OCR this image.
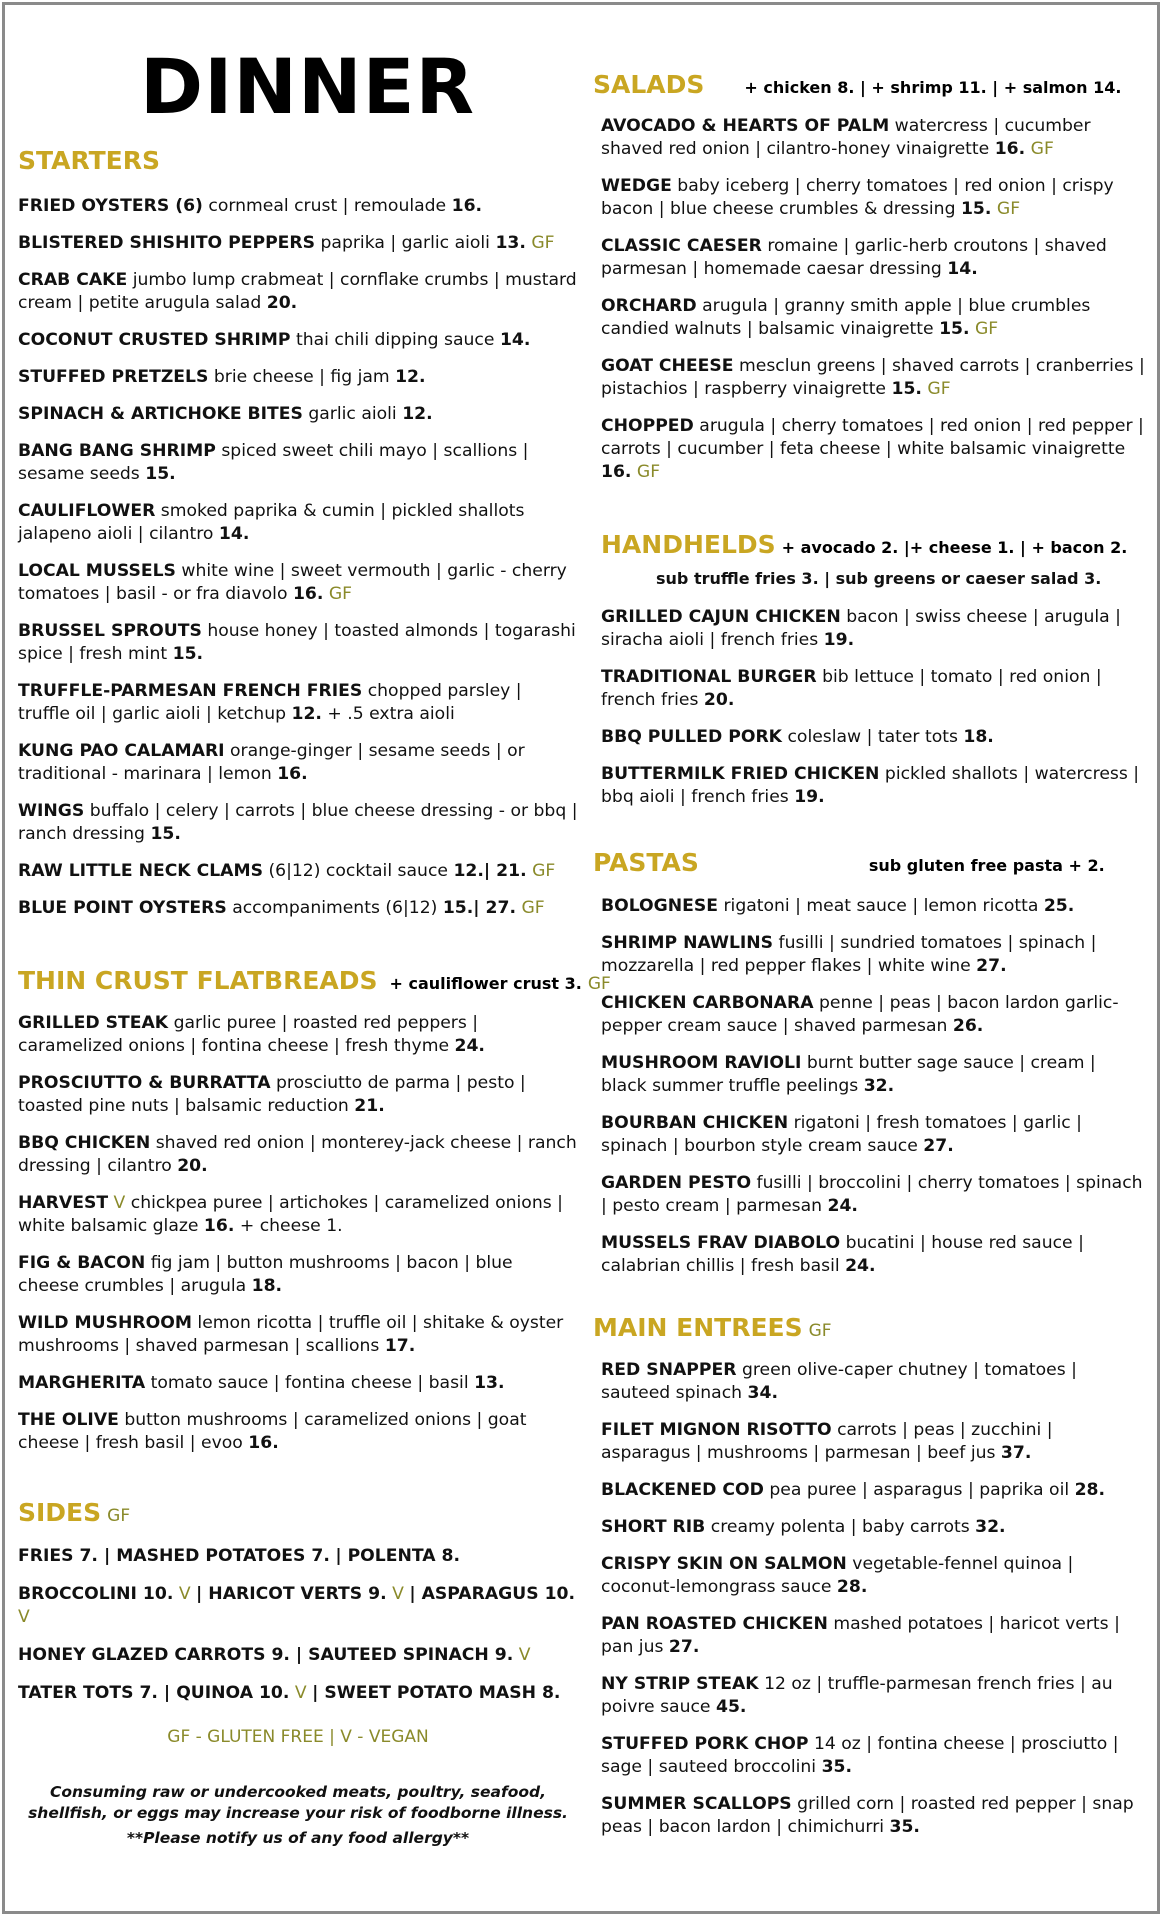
DINNER
STARTERS
FRIED OYSTERS (6) cornmeal crust | remoulade 16.
BLISTERED SHISHITO PEPPERS paprika | garlic aioli 13. GF
CRAB CAKE jumbo lump crabmeat | cornflake crumbs | mustard cream | petite arugula salad 20.
COCONUT CRUSTED SHRIMP thai chili dipping sauce 14.
STUFFED PRETZELS brie cheese | fig jam 12.
SPINACH & ARTICHOKE BITES garlic aioli 12.
BANG BANG SHRIMP spiced sweet chili mayo | scallions | sesame seeds 15.
CAULIFLOWER smoked paprika & cumin | pickled shallots jalapeno aioli | cilantro 14.
LOCAL MUSSELS white wine | sweet vermouth | garlic - cherry tomatoes | basil - or fra diavolo 16. GF
BRUSSEL SPROUTS house honey | toasted almonds | togarashi spice | fresh mint 15.
TRUFFLE-PARMESAN FRENCH FRIES chopped parsley | truffle oil | garlic aioli | ketchup 12. + .5 extra aioli
KUNG PAO CALAMARI orange-ginger | sesame seeds | or traditional - marinara | lemon 16.
WINGS buffalo | celery | carrots | blue cheese dressing - or bbq | ranch dressing 15.
RAW LITTLE NECK CLAMS (6|12) cocktail sauce 12.| 21. GF
BLUE POINT OYSTERS accompaniments (6|12) 15.| 27. GF
THIN CRUST FLATBREADS + cauliflower crust 3. GF
GRILLED STEAK garlic puree | roasted red peppers | caramelized onions | fontina cheese | fresh thyme 24.
PROSCIUTTO & BURRATTA prosciutto de parma | pesto | toasted pine nuts | balsamic reduction 21.
BBQ CHICKEN shaved red onion | monterey-jack cheese | ranch dressing | cilantro 20.
HARVEST V chickpea puree | artichokes | caramelized onions | white balsamic glaze 16. + cheese 1.
FIG & BACON fig jam | button mushrooms | bacon | blue cheese crumbles | arugula 18.
WILD MUSHROOM lemon ricotta | truffle oil | shitake & oyster mushrooms | shaved parmesan | scallions 17.
MARGHERITA tomato sauce | fontina cheese | basil 13.
THE OLIVE button mushrooms | caramelized onions | goat cheese | fresh basil | evoo 16.
SIDES GF
FRIES 7. | MASHED POTATOES 7. | POLENTA 8.
BROCCOLINI 10. V | HARICOT VERTS 9. V | ASPARAGUS 10. V
HONEY GLAZED CARROTS 9. | SAUTEED SPINACH 9. V
TATER TOTS 7. | QUINOA 10. V | SWEET POTATO MASH 8.
GF - GLUTEN FREE | V - VEGAN
Consuming raw or undercooked meats, poultry, seafood,
shellfish, or eggs may increase your risk of foodborne illness.
**Please notify us of any food allergy**
SALADS	+ chicken 8. | + shrimp 11. | + salmon 14.
AVOCADO & HEARTS OF PALM watercress | cucumber shaved red onion | cilantro-honey vinaigrette 16. GF
WEDGE baby iceberg | cherry tomatoes | red onion | crispy bacon | blue cheese crumbles & dressing 15. GF
CLASSIC CAESER romaine | garlic-herb croutons | shaved parmesan | homemade caesar dressing 14.
ORCHARD arugula | granny smith apple | blue crumbles candied walnuts | balsamic vinaigrette 15. GF
GOAT CHEESE mesclun greens | shaved carrots | cranberries | pistachios | raspberry vinaigrette 15. GF
CHOPPED arugula | cherry tomatoes | red onion | red pepper | carrots | cucumber | feta cheese | white balsamic vinaigrette 16. GF
HANDHELDS + avocado 2. |+ cheese 1. | + bacon 2.
sub truffle fries 3. | sub greens or caeser salad 3.
GRILLED CAJUN CHICKEN bacon | swiss cheese | arugula | siracha aioli | french fries 19.
TRADITIONAL BURGER bib lettuce | tomato | red onion | french fries 20.
BBQ PULLED PORK coleslaw | tater tots 18.
BUTTERMILK FRIED CHICKEN pickled shallots | watercress | bbq aioli | french fries 19.
PASTAS	sub gluten free pasta + 2.
BOLOGNESE rigatoni | meat sauce | lemon ricotta 25.
SHRIMP NAWLINS fusilli | sundried tomatoes | spinach | mozzarella | red pepper flakes | white wine 27.
CHICKEN CARBONARA penne | peas | bacon lardon garlic-pepper cream sauce | shaved parmesan 26.
MUSHROOM RAVIOLI burnt butter sage sauce | cream | black summer truffle peelings 32.
BOURBAN CHICKEN rigatoni | fresh tomatoes | garlic | spinach | bourbon style cream sauce 27.
GARDEN PESTO fusilli | broccolini | cherry tomatoes | spinach | pesto cream | parmesan 24.
MUSSELS FRAV DIABOLO bucatini | house red sauce | calabrian chillis | fresh basil 24.
MAIN ENTREES GF
RED SNAPPER green olive-caper chutney | tomatoes | sauteed spinach 34.
FILET MIGNON RISOTTO carrots | peas | zucchini | asparagus | mushrooms | parmesan | beef jus 37.
BLACKENED COD pea puree | asparagus | paprika oil 28.
SHORT RIB creamy polenta | baby carrots 32.
CRISPY SKIN ON SALMON vegetable-fennel quinoa | coconut-lemongrass sauce 28.
PAN ROASTED CHICKEN mashed potatoes | haricot verts | pan jus 27.
NY STRIP STEAK 12 oz | truffle-parmesan french fries | au poivre sauce 45.
STUFFED PORK CHOP 14 oz | fontina cheese | prosciutto | sage | sauteed broccolini 35.
SUMMER SCALLOPS grilled corn | roasted red pepper | snap peas | bacon lardon | chimichurri 35.
